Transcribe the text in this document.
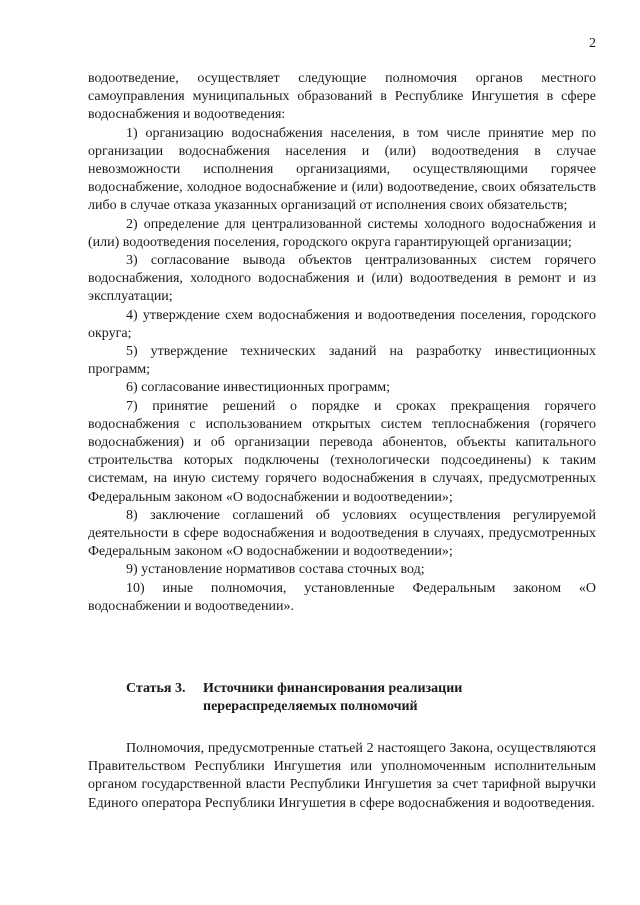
2

водоотведение, осуществляет следующие полномочия органов местного самоуправления муниципальных образований в Республике Ингушетия в сфере водоснабжения и водоотведения:

1) организацию водоснабжения населения, в том числе принятие мер по организации водоснабжения населения и (или) водоотведения в случае невозможности исполнения организациями, осуществляющими горячее водоснабжение, холодное водоснабжение и (или) водоотведение, своих обязательств либо в случае отказа указанных организаций от исполнения своих обязательств;

2) определение для централизованной системы холодного водоснабжения и (или) водоотведения поселения, городского округа гарантирующей организации;

3) согласование вывода объектов централизованных систем горячего водоснабжения, холодного водоснабжения и (или) водоотведения в ремонт и из эксплуатации;

4) утверждение схем водоснабжения и водоотведения поселения, городского округа;

5) утверждение технических заданий на разработку инвестиционных программ;

6) согласование инвестиционных программ;

7) принятие решений о порядке и сроках прекращения горячего водоснабжения с использованием открытых систем теплоснабжения (горячего водоснабжения) и об организации перевода абонентов, объекты капитального строительства которых подключены (технологически подсоединены) к таким системам, на иную систему горячего водоснабжения в случаях, предусмотренных Федеральным законом «О водоснабжении и водоотведении»;

8) заключение соглашений об условиях осуществления регулируемой деятельности в сфере водоснабжения и водоотведения в случаях, предусмотренных Федеральным законом «О водоснабжении и водоотведении»;

9) установление нормативов состава сточных вод;

10) иные полномочия, установленные Федеральным законом «О водоснабжении и водоотведении».

Статья 3. Источники финансирования реализации
перераспределяемых полномочий

Полномочия, предусмотренные статьей 2 настоящего Закона, осуществляются Правительством Республики Ингушетия или уполномоченным исполнительным органом государственной власти Республики Ингушетия за счет тарифной выручки Единого оператора Республики Ингушетия в сфере водоснабжения и водоотведения.
